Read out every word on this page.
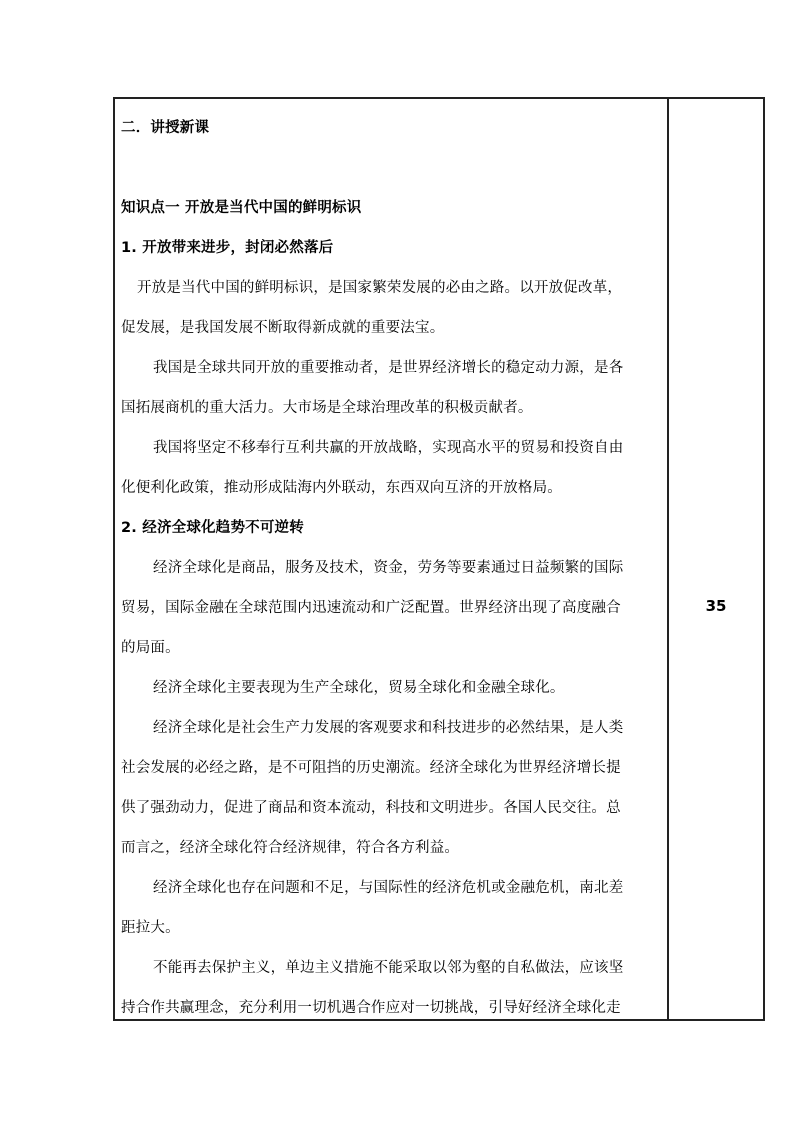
二．讲授新课
知识点一 开放是当代中国的鲜明标识
1. 开放带来进步，封闭必然落后
开放是当代中国的鲜明标识，是国家繁荣发展的必由之路。以开放促改革，
促发展，是我国发展不断取得新成就的重要法宝。
我国是全球共同开放的重要推动者，是世界经济增长的稳定动力源，是各
国拓展商机的重大活力。大市场是全球治理改革的积极贡献者。
我国将坚定不移奉行互利共赢的开放战略，实现高水平的贸易和投资自由
化便利化政策，推动形成陆海内外联动，东西双向互济的开放格局。
2. 经济全球化趋势不可逆转
经济全球化是商品，服务及技术，资金，劳务等要素通过日益频繁的国际
贸易，国际金融在全球范围内迅速流动和广泛配置。世界经济出现了高度融合
的局面。
经济全球化主要表现为生产全球化，贸易全球化和金融全球化。
经济全球化是社会生产力发展的客观要求和科技进步的必然结果，是人类
社会发展的必经之路，是不可阻挡的历史潮流。经济全球化为世界经济增长提
供了强劲动力，促进了商品和资本流动，科技和文明进步。各国人民交往。总
而言之，经济全球化符合经济规律，符合各方利益。
经济全球化也存在问题和不足，与国际性的经济危机或金融危机，南北差
距拉大。
不能再去保护主义，单边主义措施不能采取以邻为壑的自私做法，应该坚
持合作共赢理念，充分利用一切机遇合作应对一切挑战，引导好经济全球化走
35
